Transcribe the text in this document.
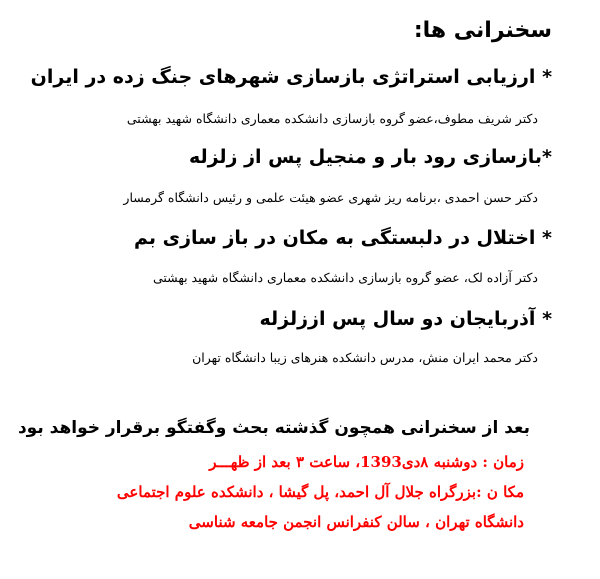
سخنرانی ها:
* ارزیابی استراتژی بازسازی شهرهای جنگ زده در ایران
دکتر شریف مطوف،عضو گروه بازسازی دانشکده معماری دانشگاه شهید بهشتی
*بازسازی رود بار و منجیل پس از زلزله
دکتر حسن احمدی ،برنامه ریز شهری عضو هیئت علمی و رئیس دانشگاه گرمسار
* اختلال در دلبستگی به مکان در باز سازی بم
دکتر آزاده لک، عضو گروه بازسازی دانشکده معماری دانشگاه شهید بهشتی
* آذربایجان دو سال پس اززلزله
دکتر محمد ایران منش، مدرس دانشکده هنرهای زیبا دانشگاه تهران
بعد از سخنرانی همچون گذشته بحث وگفتگو برقرار خواهد بود
زمان : دوشنبه ۸دی1393، ساعت ۳ بعد از ظهـــر
مکا ن :بزرگراه جلال آل احمد، پل گیشا ، دانشکده علوم اجتماعی
دانشگاه تهران ، سالن کنفرانس انجمن جامعه شناسی
